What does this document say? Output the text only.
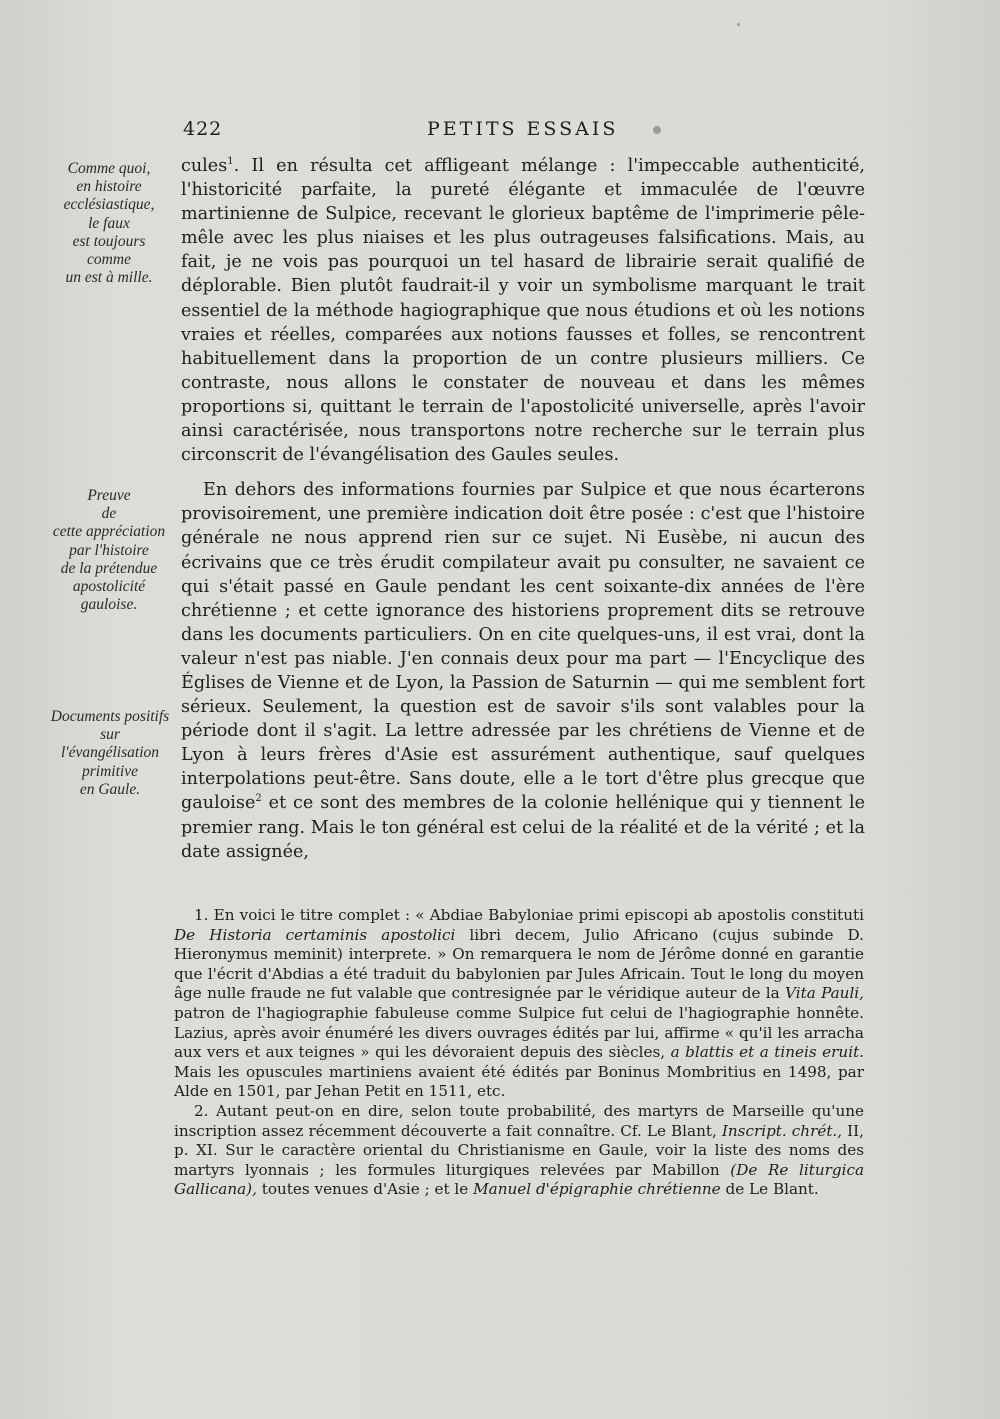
422	PETITS ESSAIS
Comme quoi,
en histoire
ecclésiastique,
le faux
est toujours
comme
un est à mille.
Preuve
de
cette appréciation
par l'histoire
de la prétendue
apostolicité
gauloise.
Documents positifs
sur
l'évangélisation
primitive
en Gaule.

cules$^1$. Il en résulta cet affligeant mélange : l'impeccable authenticité, l'historicité parfaite, la pureté élégante et immaculée de l'œuvre martinienne de Sulpice, recevant le glorieux baptême de l'imprimerie pêle-mêle avec les plus niaises et les plus outrageuses falsifications. Mais, au fait, je ne vois pas pourquoi un tel hasard de librairie serait qualifié de déplorable. Bien plutôt faudrait-il y voir un symbolisme marquant le trait essentiel de la méthode hagiographique que nous étudions et où les notions vraies et réelles, comparées aux notions fausses et folles, se rencontrent habituellement dans la proportion de un contre plusieurs milliers. Ce contraste, nous allons le constater de nouveau et dans les mêmes proportions si, quittant le terrain de l'apostolicité universelle, après l'avoir ainsi caractérisée, nous transportons notre recherche sur le terrain plus circonscrit de l'évangélisation des Gaules seules.

En dehors des informations fournies par Sulpice et que nous écarterons provisoirement, une première indication doit être posée : c'est que l'histoire générale ne nous apprend rien sur ce sujet. Ni Eusèbe, ni aucun des écrivains que ce très érudit compilateur avait pu consulter, ne savaient ce qui s'était passé en Gaule pendant les cent soixante-dix années de l'ère chrétienne ; et cette ignorance des historiens proprement dits se retrouve dans les documents particuliers. On en cite quelques-uns, il est vrai, dont la valeur n'est pas niable. J'en connais deux pour ma part — l'Encyclique des Églises de Vienne et de Lyon, la Passion de Saturnin — qui me semblent fort sérieux. Seulement, la question est de savoir s'ils sont valables pour la période dont il s'agit. La lettre adressée par les chrétiens de Vienne et de Lyon à leurs frères d'Asie est assurément authentique, sauf quelques interpolations peut-être. Sans doute, elle a le tort d'être plus grecque que gauloise$^2$ et ce sont des membres de la colonie hellénique qui y tiennent le premier rang. Mais le ton général est celui de la réalité et de la vérité ; et la date assignée,

1. En voici le titre complet : « Abdiae Babyloniae primi episcopi ab apostolis constituti De Historia certaminis apostolici libri decem, Julio Africano (cujus subinde D. Hieronymus meminit) interprete. » On remarquera le nom de Jérôme donné en garantie que l'écrit d'Abdias a été traduit du babylonien par Jules Africain. Tout le long du moyen âge nulle fraude ne fut valable que contresignée par le véridique auteur de la Vita Pauli, patron de l'hagiographie fabuleuse comme Sulpice fut celui de l'hagiographie honnête. Lazius, après avoir énuméré les divers ouvrages édités par lui, affirme « qu'il les arracha aux vers et aux teignes » qui les dévoraient depuis des siècles, a blattis et a tineis eruit. Mais les opuscules martiniens avaient été édités par Boninus Mombritius en 1498, par Alde en 1501, par Jehan Petit en 1511, etc.

2. Autant peut-on en dire, selon toute probabilité, des martyrs de Marseille qu'une inscription assez récemment découverte a fait connaître. Cf. Le Blant, Inscript. chrét., II, p. XI. Sur le caractère oriental du Christianisme en Gaule, voir la liste des noms des martyrs lyonnais ; les formules liturgiques relevées par Mabillon (De Re liturgica Gallicana), toutes venues d'Asie ; et le Manuel d'épigraphie chrétienne de Le Blant.
